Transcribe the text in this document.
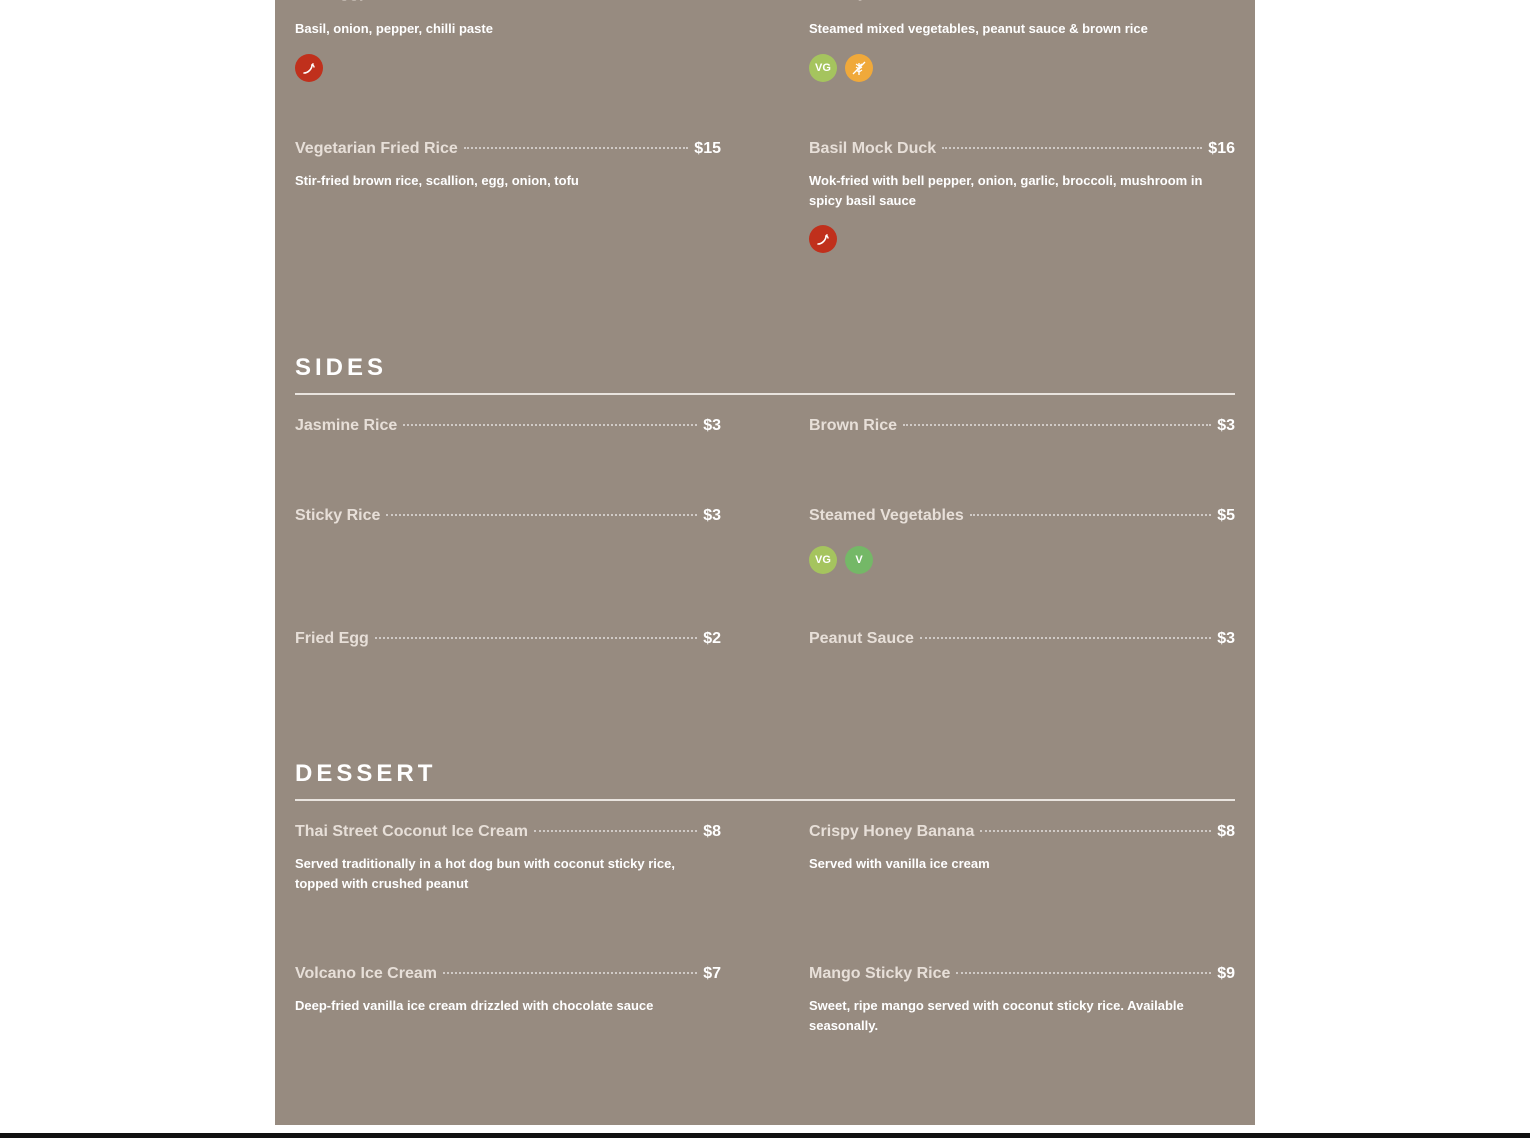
Basil, onion, pepper, chilli paste	Steamed mixed vegetables, peanut sauce & brown rice
VG
Vegetarian Fried Rice	$15
Stir-fried brown rice, scallion, egg, onion, tofu
Basil Mock Duck	$16
Wok-fried with bell pepper, onion, garlic, broccoli, mushroom in spicy basil sauce
SIDES
Jasmine Rice	$3	Brown Rice	$3
Sticky Rice	$3	Steamed Vegetables	$5
VG	V
Fried Egg	$2	Peanut Sauce	$3
DESSERT
Thai Street Coconut Ice Cream	$8
Served traditionally in a hot dog bun with coconut sticky rice, topped with crushed peanut
Crispy Honey Banana	$8
Served with vanilla ice cream
Volcano Ice Cream	$7
Deep-fried vanilla ice cream drizzled with chocolate sauce
Mango Sticky Rice	$9
Sweet, ripe mango served with coconut sticky rice. Available seasonally.
